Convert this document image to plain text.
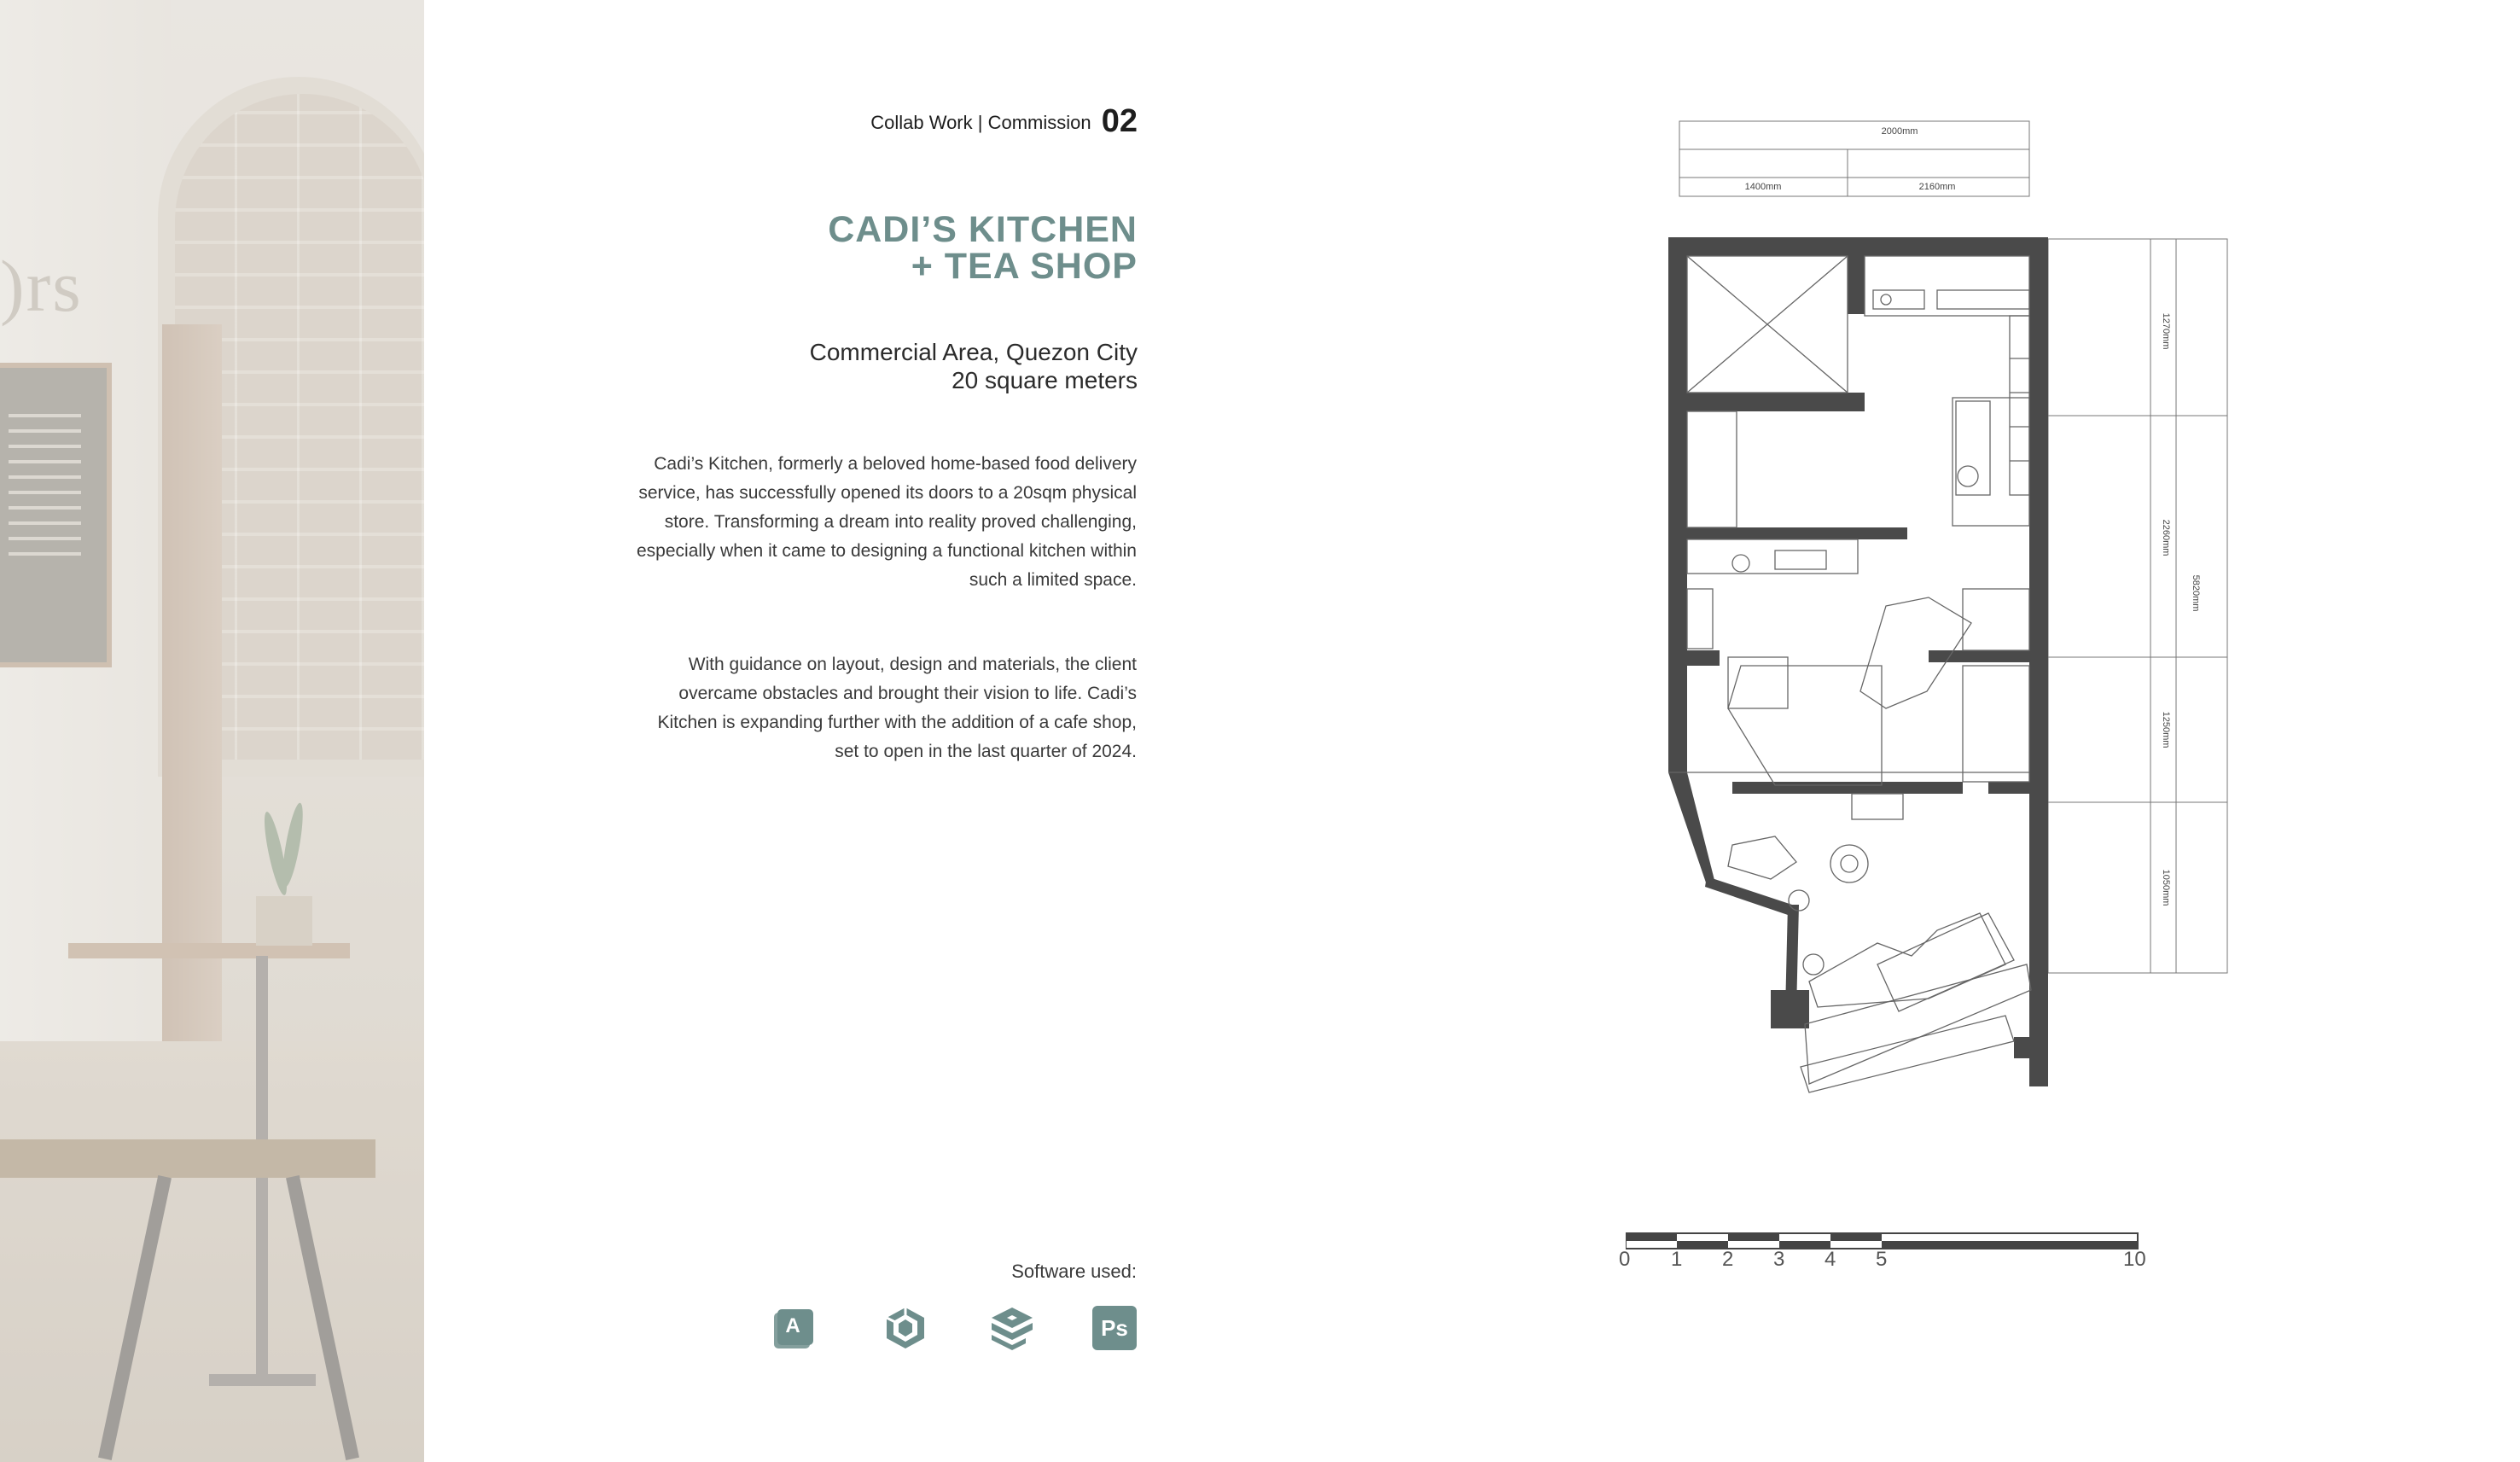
)rs
Collab Work | Commission 02
CADI’S KITCHEN
+ TEA SHOP
Commercial Area, Quezon City
20 square meters
Cadi’s Kitchen, formerly a beloved home-based food delivery
service, has successfully opened its doors to a 20sqm physical
store. Transforming a dream into reality proved challenging,
especially when it came to designing a functional kitchen within
such a limited space.
With guidance on layout, design and materials, the client
overcame obstacles and brought their vision to life. Cadi’s
Kitchen is expanding further with the addition of a cafe shop,
set to open in the last quarter of 2024.
Software used:
A	Ps
2000mm
1400mm	2160mm
1270mm
2260mm
1250mm
1050mm
5820mm
0 1 2 3 4 5	10
